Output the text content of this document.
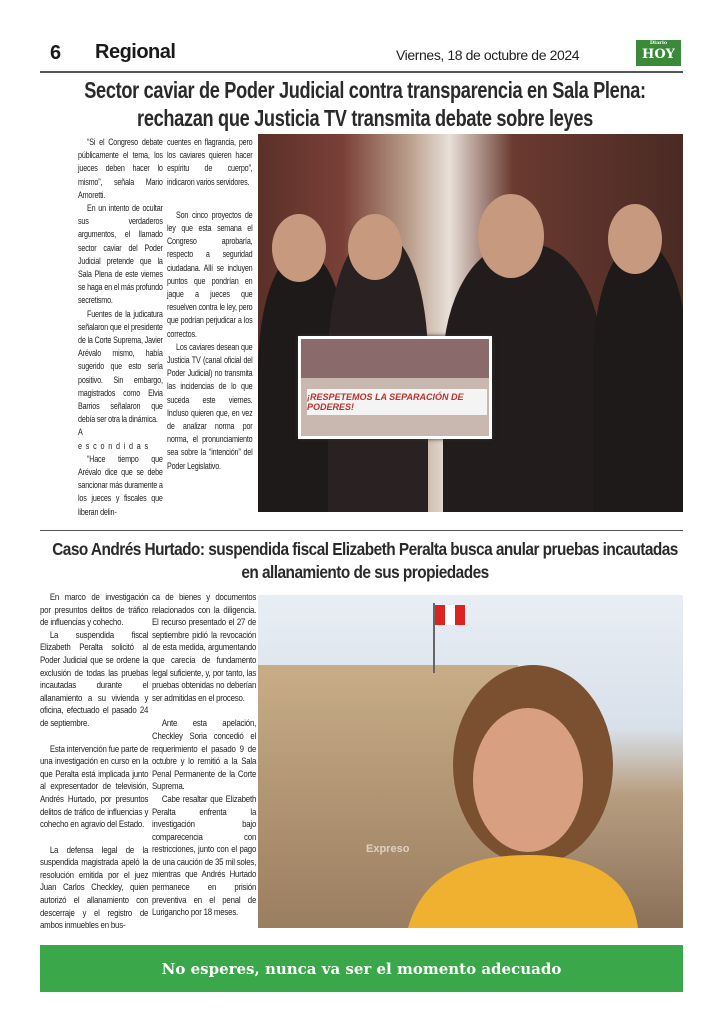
6 Regional	Viernes, 18 de octubre de 2024
Diario
HOY
Sector caviar de Poder Judicial contra transparencia en Sala Plena: rechazan que Justicia TV transmita debate sobre leyes

“Si el Congreso debate públicamente el tema, los jueces deben hacer lo mismo”, señala Mario Amoretti.

En un intento de ocultar sus verdaderos argumentos, el llamado sector caviar del Poder Judicial pretende que la Sala Plena de este viernes se haga en el más profundo secretismo.

Fuentes de la judicatura señalaron que el presidente de la Corte Suprema, Javier Arévalo mismo, había sugerido que esto sería positivo. Sin embargo, magistrados como Elvia Barrios señalaron que debía ser otra la dinámica.

A escondidas

“Hace tiempo que Arévalo dice que se debe sancionar más duramente a los jueces y fiscales que liberan delin-

cuentes en flagrancia, pero los caviares quieren hacer espíritu de cuerpo”, indicaron varios servidores.

Son cinco proyectos de ley que esta semana el Congreso aprobaría, respecto a seguridad ciudadana. Allí se incluyen puntos que pondrían en jaque a jueces que resuelven contra le ley, pero que podrían perjudicar a los correctos.

Los caviares desean que Justicia TV (canal oficial del Poder Judicial) no transmita las incidencias de lo que suceda este viernes. Incluso quieren que, en vez de analizar norma por norma, el pronunciamiento sea sobre la “intención” del Poder Legislativo.

¡RESPETEMOS LA SEPARACIÓN DE PODERES!
Caso Andrés Hurtado: suspendida fiscal Elizabeth Peralta busca anular pruebas incautadas en allanamiento de sus propiedades

En marco de investigación por presuntos delitos de tráfico de influencias y cohecho.

La suspendida fiscal Elizabeth Peralta solicitó al Poder Judicial que se ordene la exclusión de todas las pruebas incautadas durante el allanamiento a su vivienda y oficina, efectuado el pasado 24 de septiembre.

Esta intervención fue parte de una investigación en curso en la que Peralta está implicada junto al expresentador de televisión, Andrés Hurtado, por presuntos delitos de tráfico de influencias y cohecho en agravio del Estado.

La defensa legal de la suspendida magistrada apeló la resolución emitida por el juez Juan Carlos Checkley, quien autorizó el allanamiento con descerraje y el registro de ambos inmuebles en bus-

ca de bienes y documentos relacionados con la diligencia. El recurso presentado el 27 de septiembre pidió la revocación de esta medida, argumentando que carecía de fundamento legal suficiente, y, por tanto, las pruebas obtenidas no deberían ser admitidas en el proceso.

Ante esta apelación, Checkley Soria concedió el requerimiento el pasado 9 de octubre y lo remitió a la Sala Penal Permanente de la Corte Suprema.

Cabe resaltar que Elizabeth Peralta enfrenta la investigación bajo comparecencia con restricciones, junto con el pago de una caución de 35 mil soles, mientras que Andrés Hurtado permanece en prisión preventiva en el penal de Lurigancho por 18 meses.

Expreso
No esperes, nunca va ser el momento adecuado
